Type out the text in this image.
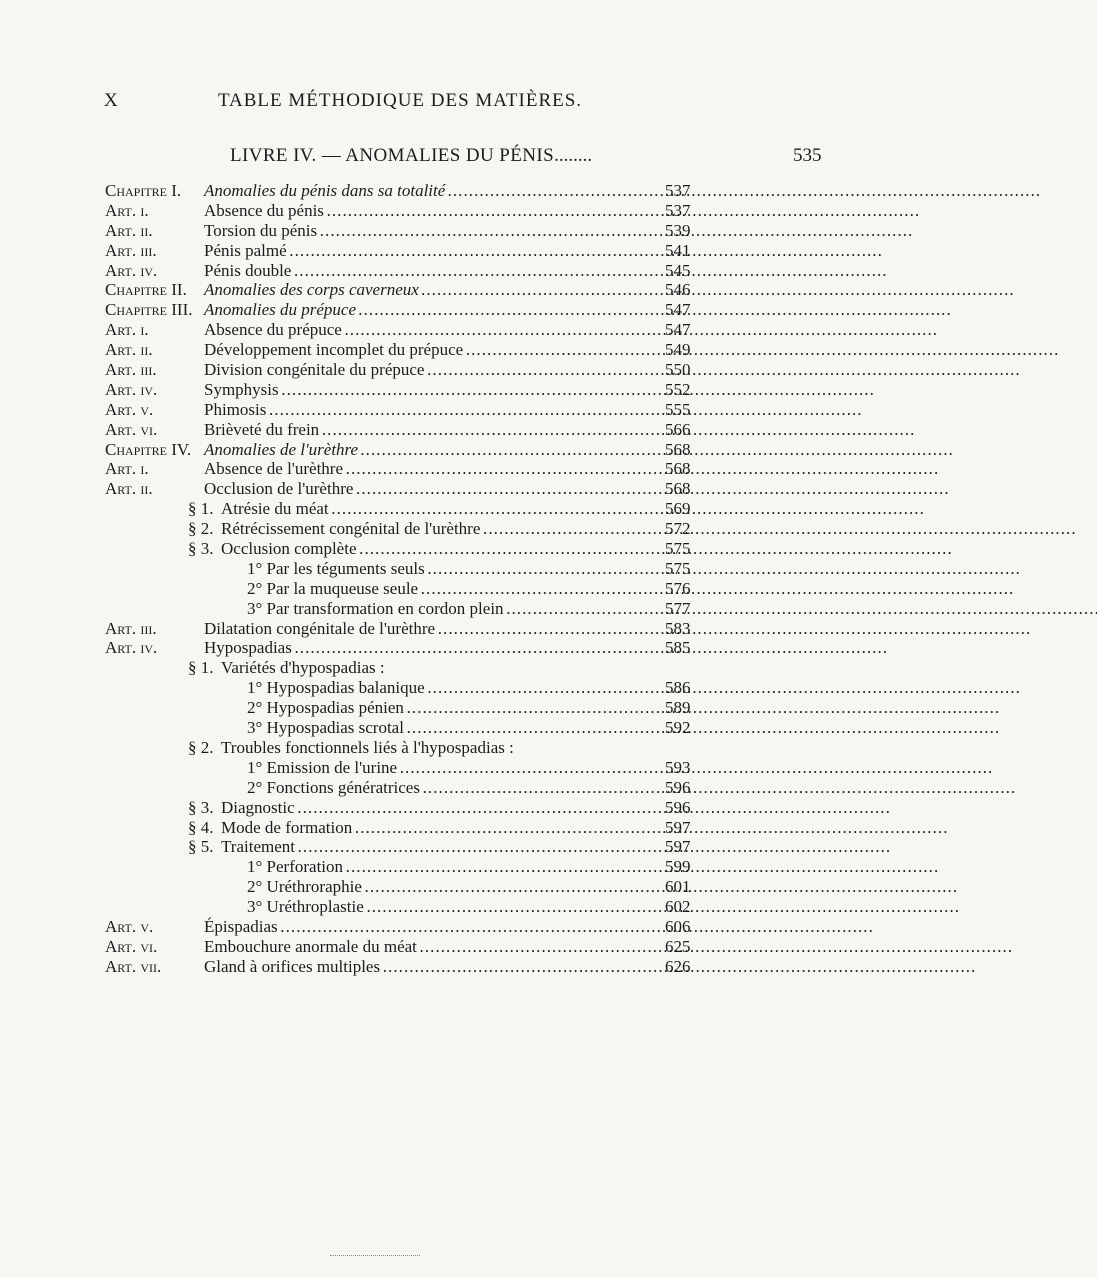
X	TABLE MÉTHODIQUE DES MATIÈRES.
LIVRE IV. — ANOMALIES DU PÉNIS........	535
Chapitre I. Anomalies du pénis dans sa totalité . . .	537
Art. i.	Absence du pénis . . .	537
Art. ii.	Torsion du pénis . . .	539
Art. iii.	Pénis palmé . . .	541
Art. iv.	Pénis double . . .	545
Chapitre II. Anomalies des corps caverneux . . .	546
Chapitre III. Anomalies du prépuce . . .	547
Art. i.	Absence du prépuce . . .	547
Art. ii.	Développement incomplet du prépuce . . .	549
Art. iii.	Division congénitale du prépuce . . .	550
Art. iv.	Symphysis . . .	552
Art. v.	Phimosis . . .	555
Art. vi.	Brièveté du frein . . .	566
Chapitre IV. Anomalies de l'urèthre . . .	568
Art. i.	Absence de l'urèthre . . .	568
Art. ii.	Occlusion de l'urèthre . . .	568
§ 1. Atrésie du méat . . .	569
§ 2. Rétrécissement congénital de l'urèthre . . .	572
§ 3. Occlusion complète . . .	575
1° Par les téguments seuls . . .	575
2° Par la muqueuse seule . . .	576
3° Par transformation en cordon plein . . .	577
Art. iii.	Dilatation congénitale de l'urèthre . . .	583
Art. iv.	Hypospadias . . .	585
§ 1. Variétés d'hypospadias :
1° Hypospadias balanique . . .	586
2° Hypospadias pénien . . .	589
3° Hypospadias scrotal . . .	592
§ 2. Troubles fonctionnels liés à l'hypospadias :
1° Emission de l'urine . . .	593
2° Fonctions génératrices . . .	596
§ 3. Diagnostic . . .	596
§ 4. Mode de formation . . .	597
§ 5. Traitement . . .	597
1° Perforation . . .	599
2° Uréthroraphie . . .	601
3° Uréthroplastie . . .	602
Art. v.	Épispadias . . .	606
Art. vi.	Embouchure anormale du méat . . .	625
Art. vii.	Gland à orifices multiples . . .	626
